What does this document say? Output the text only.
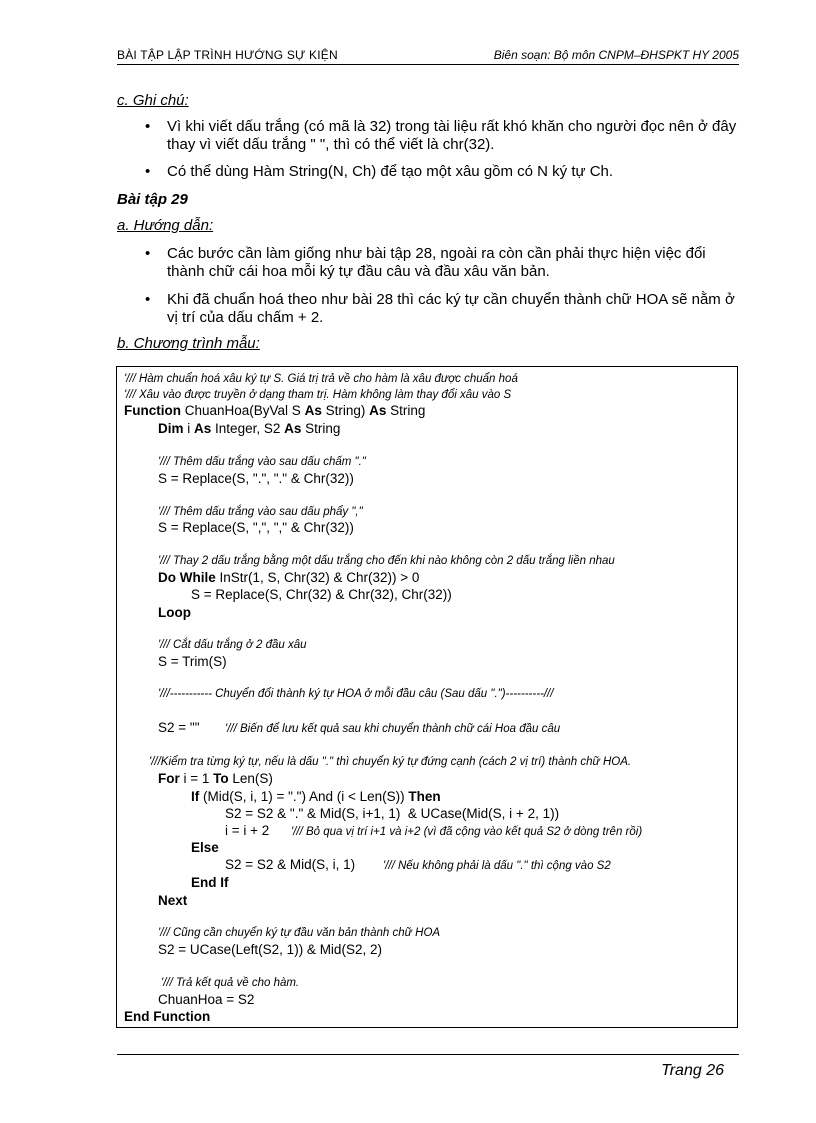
BÀI TẬP LẬP TRÌNH HƯỚNG SỰ KIỆN	Biên soạn: Bộ môn CNPM–ĐHSPKT HY 2005
c. Ghi chú:
• Vì khi viết dấu trắng (có mã là 32) trong tài liệu rất khó khăn cho người đọc nên ở đây thay vì viết dấu trắng " ", thì có thể viết là chr(32).
• Có thể dùng Hàm String(N, Ch) để tạo một xâu gồm có N ký tự Ch.
Bài tập 29
a. Hướng dẫn:
• Các bước cần làm giống như bài tập 28, ngoài ra còn cần phải thực hiện việc đổi thành chữ cái hoa mỗi ký tự đầu câu và đầu xâu văn bản.
• Khi đã chuẩn hoá theo như bài 28 thì các ký tự cần chuyển thành chữ HOA sẽ nằm ở vị trí của dấu chấm + 2.
b. Chương trình mẫu:
'/// Hàm chuẩn hoá xâu ký tự S. Giá trị trả về cho hàm là xâu được chuẩn hoá
'/// Xâu vào được truyền ở dạng tham trị. Hàm không làm thay đổi xâu vào S
Function ChuanHoa(ByVal S As String) As String
Dim i As Integer, S2 As String
'/// Thêm dấu trắng vào sau dấu chấm "."
S = Replace(S, ".", "." & Chr(32))
'/// Thêm dấu trắng vào sau dấu phẩy ","
S = Replace(S, ",", "," & Chr(32))
'/// Thay 2 dấu trắng bằng một dấu trắng cho đến khi nào không còn 2 dấu trắng liền nhau
Do While InStr(1, S, Chr(32) & Chr(32)) > 0
S = Replace(S, Chr(32) & Chr(32), Chr(32))
Loop
'/// Cắt dấu trắng ở 2 đầu xâu
S = Trim(S)
'///----------- Chuyển đổi thành ký tự HOA ở mỗi đầu câu (Sau dấu ".")----------///
S2 = "" '/// Biến để lưu kết quả sau khi chuyển thành chữ cái Hoa đầu câu
'///Kiểm tra từng ký tự, nếu là dấu "." thì chuyển ký tự đứng cạnh (cách 2 vị trí) thành chữ HOA.
For i = 1 To Len(S)
If (Mid(S, i, 1) = ".") And (i < Len(S)) Then
S2 = S2 & "." & Mid(S, i+1, 1)  & UCase(Mid(S, i + 2, 1))
i = i + 2 '/// Bỏ qua vị trí i+1 và i+2 (vì đã cộng vào kết quả S2 ở dòng trên rồi)
Else
S2 = S2 & Mid(S, i, 1) '/// Nếu không phải là dấu "." thì cộng vào S2
End If
Next
'/// Cũng cần chuyển ký tự đầu văn bản thành chữ HOA
S2 = UCase(Left(S2, 1)) & Mid(S2, 2)
'/// Trả kết quả về cho hàm.
ChuanHoa = S2
End Function
Trang 26
